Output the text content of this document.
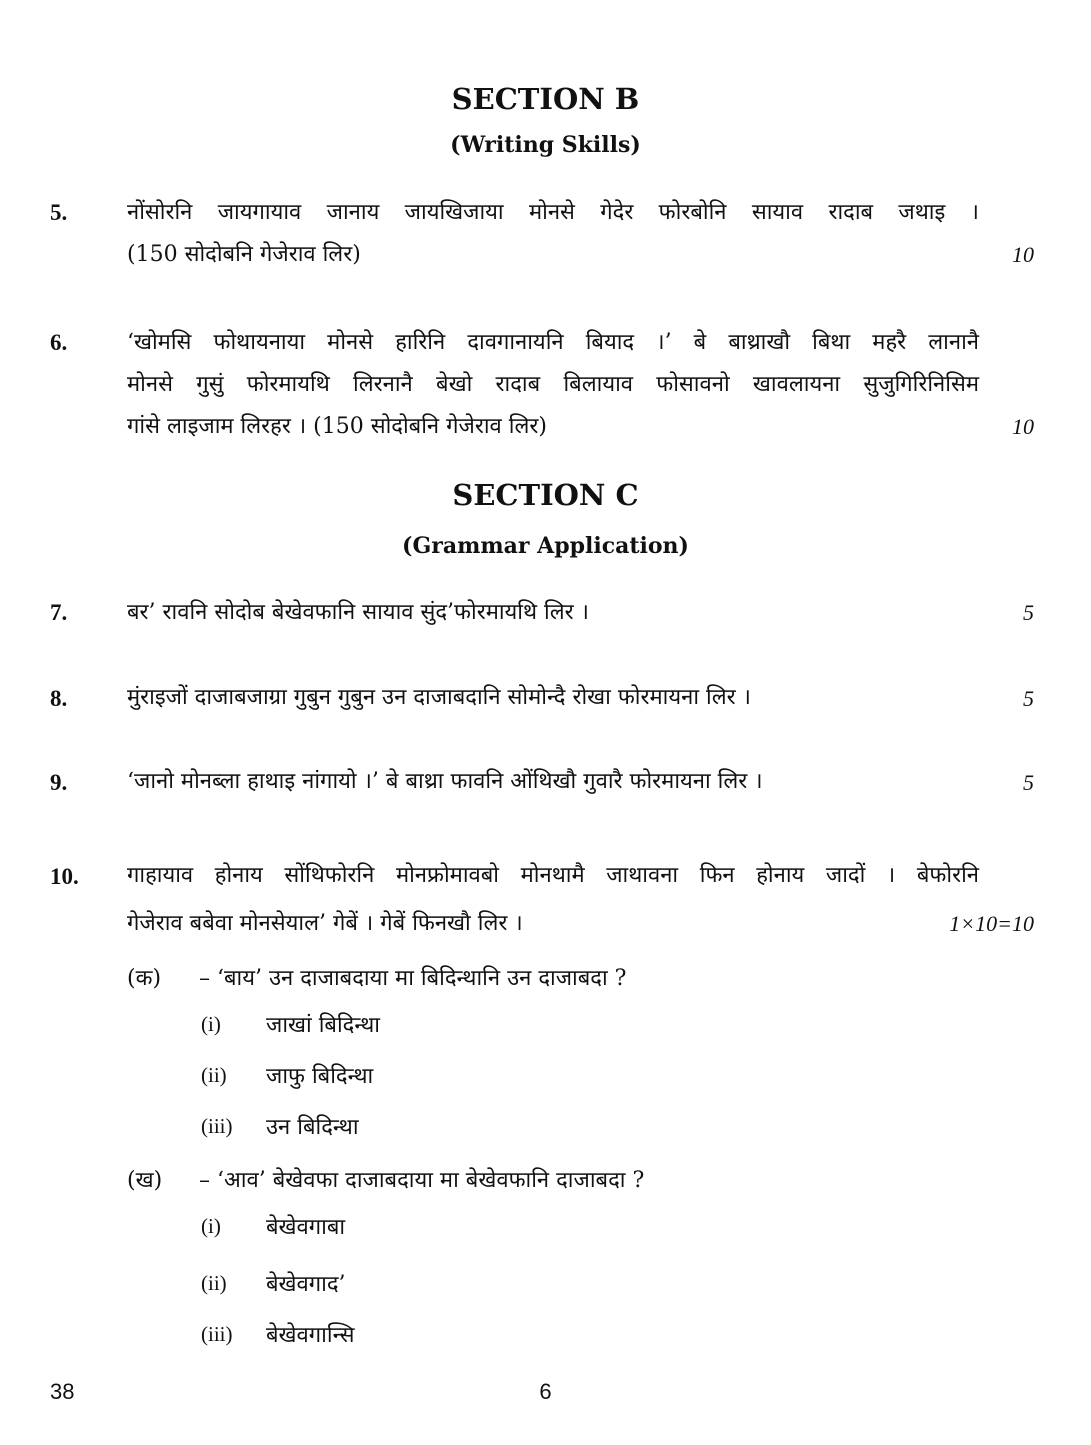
SECTION B
(Writing Skills)
5.	नोंसोरनि जायगायाव जानाय जायखिजाया मोनसे गेदेर फोरबोनि सायाव रादाब जथाइ ।
(150 सोदोबनि गेजेराव लिर)	10
6.	‘खोमसि फोथायनाया मोनसे हारिनि दावगानायनि बियाद ।’ बे बाथ्राखौ बिथा महरै लानानै
मोनसे गुसुं फोरमायथि लिरनानै बेखो रादाब बिलायाव फोसावनो खावलायना सुजुगिरिनिसिम
गांसे लाइजाम लिरहर । (150 सोदोबनि गेजेराव लिर)	10
SECTION C
(Grammar Application)
7.	बर’ रावनि सोदोब बेखेवफानि सायाव सुंद’फोरमायथि लिर ।	5
8.	मुंराइजों दाजाबजाग्रा गुबुन गुबुन उन दाजाबदानि सोमोन्दै रोखा फोरमायना लिर ।	5
9.	‘जानो मोनब्ला हाथाइ नांगायो ।’ बे बाथ्रा फावनि ओंथिखौ गुवारै फोरमायना लिर ।	5
10. गाहायाव होनाय सोंथिफोरनि मोनफ्रोमावबो मोनथामै जाथावना फिन होनाय जादों । बेफोरनि
गेजेराव बबेवा मोनसेयाल’ गेबें । गेबें फिनखौ लिर ।	1×10=10
(क) – ‘बाय’ उन दाजाबदाया मा बिदिन्थानि उन दाजाबदा ?
(i) जाखां बिदिन्था
(ii) जाफु बिदिन्था
(iii) उन बिदिन्था
(ख) – ‘आव’ बेखेवफा दाजाबदाया मा बेखेवफानि दाजाबदा ?
(i) बेखेवगाबा
(ii) बेखेवगाद’
(iii) बेखेवगान्सि
38	6
